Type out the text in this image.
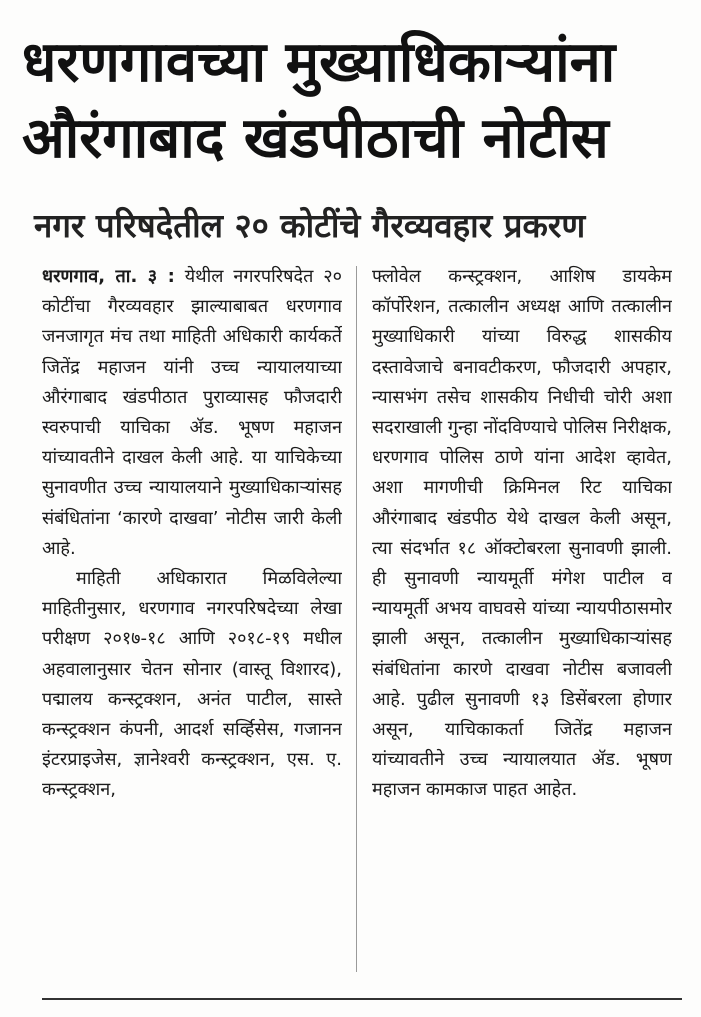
धरणगावच्या मुख्याधिकाऱ्यांना
औरंगाबाद खंडपीठाची नोटीस
नगर परिषदेतील २० कोटींचे गैरव्यवहार प्रकरण

धरणगाव, ता. ३ : येथील नगरपरिषदेत २० कोटींचा गैरव्यवहार झाल्याबाबत धरणगाव जनजागृत मंच तथा माहिती अधिकारी कार्यकर्ते जितेंद्र महाजन यांनी उच्च न्यायालयाच्या औरंगाबाद खंडपीठात पुराव्यासह फौजदारी स्वरुपाची याचिका ॲड. भूषण महाजन यांच्यावतीने दाखल केली आहे. या याचिकेच्या सुनावणीत उच्च न्यायालयाने मुख्याधिकाऱ्यांसह संबंधितांना ‘कारणे दाखवा’ नोटीस जारी केली आहे.

माहिती अधिकारात मिळविलेल्या माहितीनुसार, धरणगाव नगरपरिषदेच्या लेखा परीक्षण २०१७-१८ आणि २०१८-१९ मधील अहवालानुसार चेतन सोनार (वास्तू विशारद), पद्मालय कन्स्ट्रक्शन, अनंत पाटील, सास्ते कन्स्ट्रक्शन कंपनी, आदर्श सर्व्हिसेस, गजानन इंटरप्राइजेस, ज्ञानेश्वरी कन्स्ट्रक्शन, एस. ए. कन्स्ट्रक्शन,

फ्लोवेल कन्स्ट्रक्शन, आशिष डायकेम कॉर्पोरेशन, तत्कालीन अध्यक्ष आणि तत्कालीन मुख्याधिकारी यांच्या विरुद्ध शासकीय दस्तावेजाचे बनावटीकरण, फौजदारी अपहार, न्यासभंग तसेच शासकीय निधीची चोरी अशा सदराखाली गुन्हा नोंदविण्याचे पोलिस निरीक्षक, धरणगाव पोलिस ठाणे यांना आदेश व्हावेत, अशा मागणीची क्रिमिनल रिट याचिका औरंगाबाद खंडपीठ येथे दाखल केली असून, त्या संदर्भात १८ ऑक्टोबरला सुनावणी झाली. ही सुनावणी न्यायमूर्ती मंगेश पाटील व न्यायमूर्ती अभय वाघवसे यांच्या न्यायपीठासमोर झाली असून, तत्कालीन मुख्याधिकाऱ्यांसह संबंधितांना कारणे दाखवा नोटीस बजावली आहे. पुढील सुनावणी १३ डिसेंबरला होणार असून, याचिकाकर्ता जितेंद्र महाजन यांच्यावतीने उच्च न्यायालयात ॲड. भूषण महाजन कामकाज पाहत आहेत.
